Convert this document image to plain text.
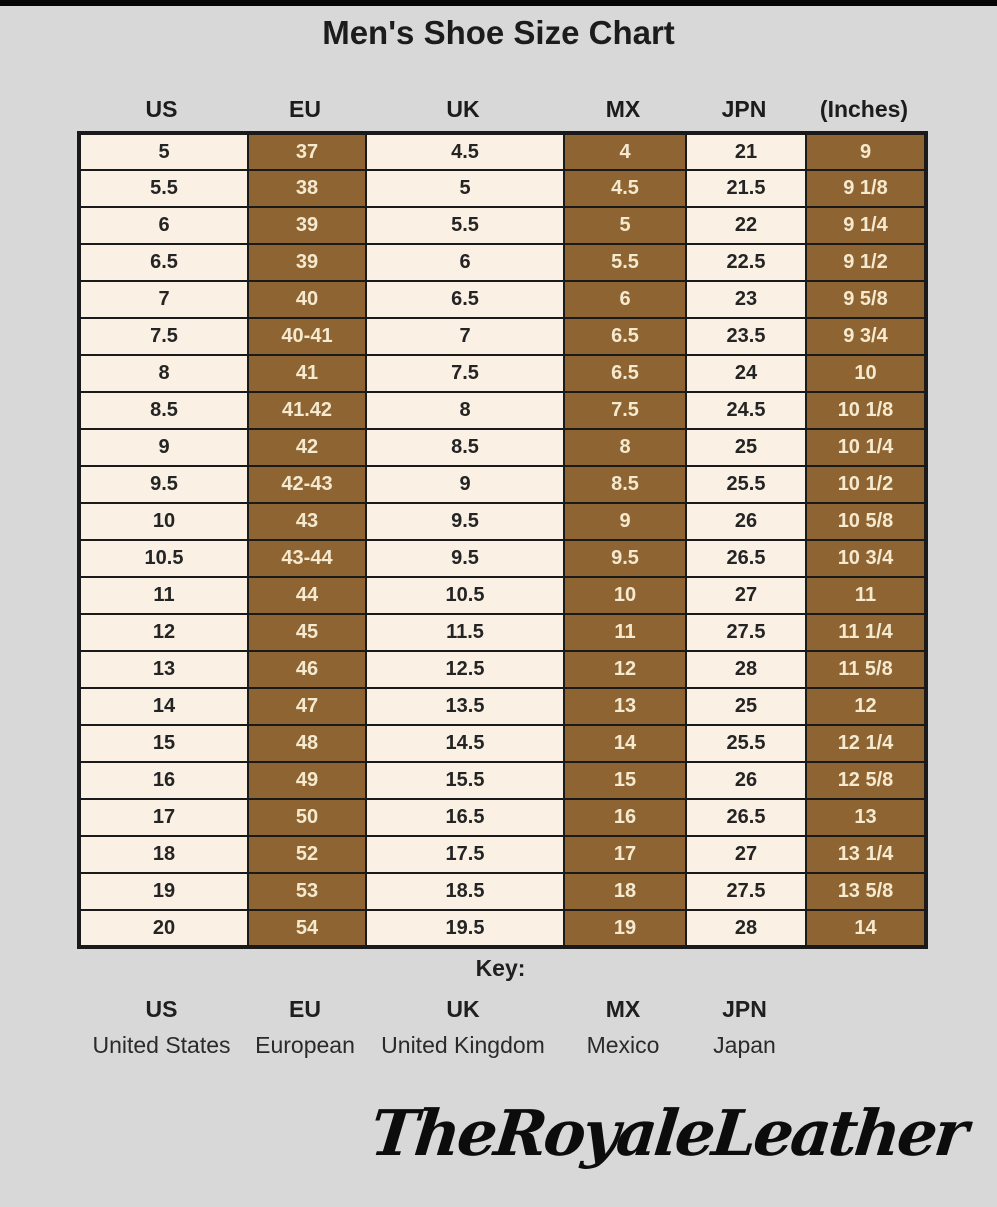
Men's Shoe Size Chart
US	EU	UK	MX	JPN	(Inches)
5	37	4.5	4	21	9
5.5	38	5	4.5	21.5	9 1/8
6	39	5.5	5	22	9 1/4
6.5	39	6	5.5	22.5	9 1/2
7	40	6.5	6	23	9 5/8
7.5	40-41	7	6.5	23.5	9 3/4
8	41	7.5	6.5	24	10
8.5	41.42	8	7.5	24.5	10 1/8
9	42	8.5	8	25	10 1/4
9.5	42-43	9	8.5	25.5	10 1/2
10	43	9.5	9	26	10 5/8
10.5	43-44	9.5	9.5	26.5	10 3/4
11	44	10.5	10	27	11
12	45	11.5	11	27.5	11 1/4
13	46	12.5	12	28	11 5/8
14	47	13.5	13	25	12
15	48	14.5	14	25.5	12 1/4
16	49	15.5	15	26	12 5/8
17	50	16.5	16	26.5	13
18	52	17.5	17	27	13 1/4
19	53	18.5	18	27.5	13 5/8
20	54	19.5	19	28	14
Key:
US	EU	UK	MX	JPN
United States	European	United Kingdom	Mexico	Japan
TheRoyaleLeather
